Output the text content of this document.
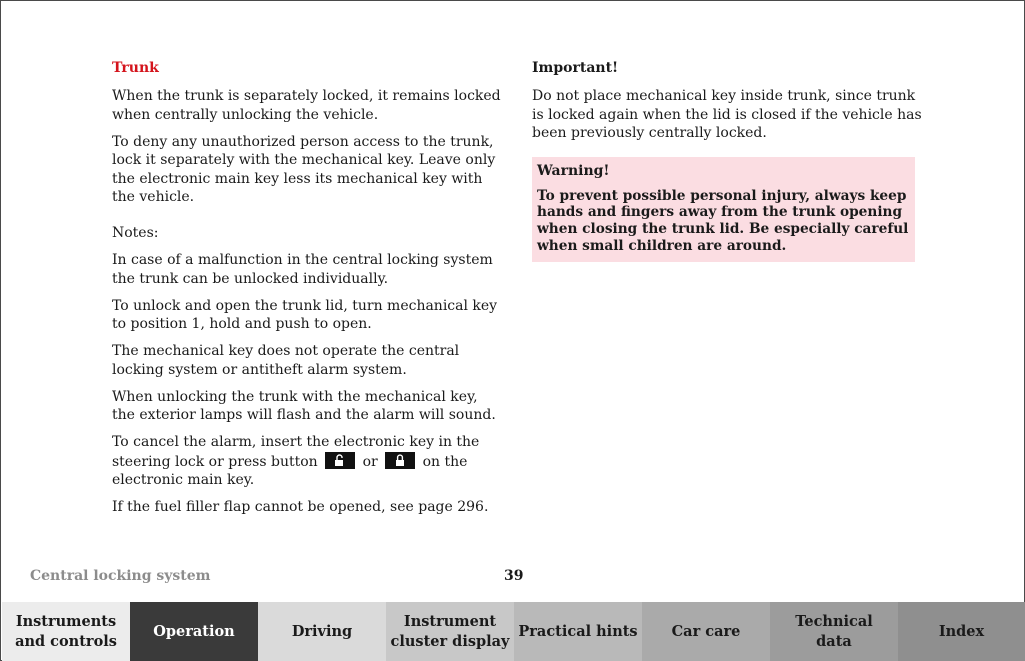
Trunk

When the trunk is separately locked, it remains locked when centrally unlocking the vehicle.

To deny any unauthorized person access to the trunk, lock it separately with the mechanical key. Leave only the electronic main key less its mechanical key with the vehicle.

Notes:

In case of a malfunction in the central locking system the trunk can be unlocked individually.

To unlock and open the trunk lid, turn mechanical key to position 1, hold and push to open.

The mechanical key does not operate the central locking system or antitheft alarm system.

When unlocking the trunk with the mechanical key, the exterior lamps will flash and the alarm will sound.

To cancel the alarm, insert the electronic key in the steering lock or press button	or	on the electronic main key.

If the fuel filler flap cannot be opened, see page 296.

Important!

Do not place mechanical key inside trunk, since trunk is locked again when the lid is closed if the vehicle has been previously centrally locked.

Warning!

To prevent possible personal injury, always keep hands and fingers away from the trunk opening when closing the trunk lid. Be especially careful when small children are around.

Central locking system	39
Instruments
and controls
Operation	Driving
Instrument
cluster display
Practical hints Car care
Technical
data
Index
